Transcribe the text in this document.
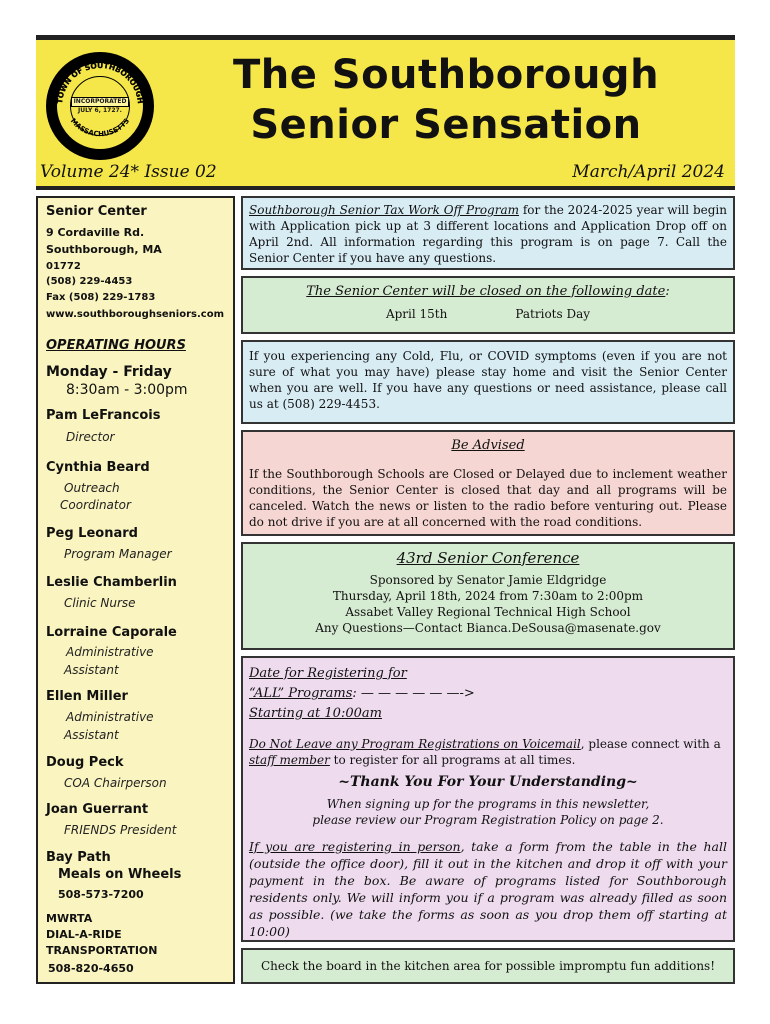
INCORPORATED
JULY 6, 1727.
TOWN OF SOUTHBOROUGH
MASSACHUSETTS
The Southborough
Senior Sensation
Volume 24* Issue 02	March/April 2024
Senior Center
9 Cordaville Rd.
Southborough, MA
01772
(508) 229-4453
Fax (508) 229-1783
www.southboroughseniors.com
OPERATING HOURS
Monday - Friday
8:30am - 3:00pm
Pam LeFrancois
Director
Cynthia Beard
Outreach
Coordinator
Peg Leonard
Program Manager
Leslie Chamberlin
Clinic Nurse
Lorraine Caporale
Administrative
Assistant
Ellen Miller
Administrative
Assistant
Doug Peck
COA Chairperson
Joan Guerrant
FRIENDS President
Bay Path
Meals on Wheels
508-573-7200
MWRTA
DIAL-A-RIDE
TRANSPORTATION
508-820-4650
Southborough Senior Tax Work Off Program for the 2024-2025 year will begin with Application pick up at 3 different locations and Application Drop off on April 2nd. All information regarding this program is on page 7. Call the Senior Center if you have any questions.
The Senior Center will be closed on the following date:
April 15th	Patriots Day
If you experiencing any Cold, Flu, or COVID symptoms (even if you are not sure of what you may have) please stay home and visit the Senior Center when you are well. If you have any questions or need assistance, please call us at (508) 229-4453.
Be Advised
If the Southborough Schools are Closed or Delayed due to inclement weather conditions, the Senior Center is closed that day and all programs will be canceled. Watch the news or listen to the radio before venturing out. Please do not drive if you are at all concerned with the road conditions.
43rd Senior Conference
Sponsored by Senator Jamie Eldgridge
Thursday, April 18th, 2024 from 7:30am to 2:00pm
Assabet Valley Regional Technical High School
Any Questions—Contact Bianca.DeSousa@masenate.gov
Date for Registering for
“ALL” Programs: — — — — — —->
Starting at 10:00am
Do Not Leave any Program Registrations on Voicemail, please connect with a staff member to register for all programs at all times.
~Thank You For Your Understanding~
When signing up for the programs in this newsletter,
please review our Program Registration Policy on page 2.
If you are registering in person, take a form from the table in the hall (outside the office door), fill it out in the kitchen and drop it off with your payment in the box. Be aware of programs listed for Southborough residents only. We will inform you if a program was already filled as soon as possible. (we take the forms as soon as you drop them off starting at 10:00)
Check the board in the kitchen area for possible impromptu fun additions!
